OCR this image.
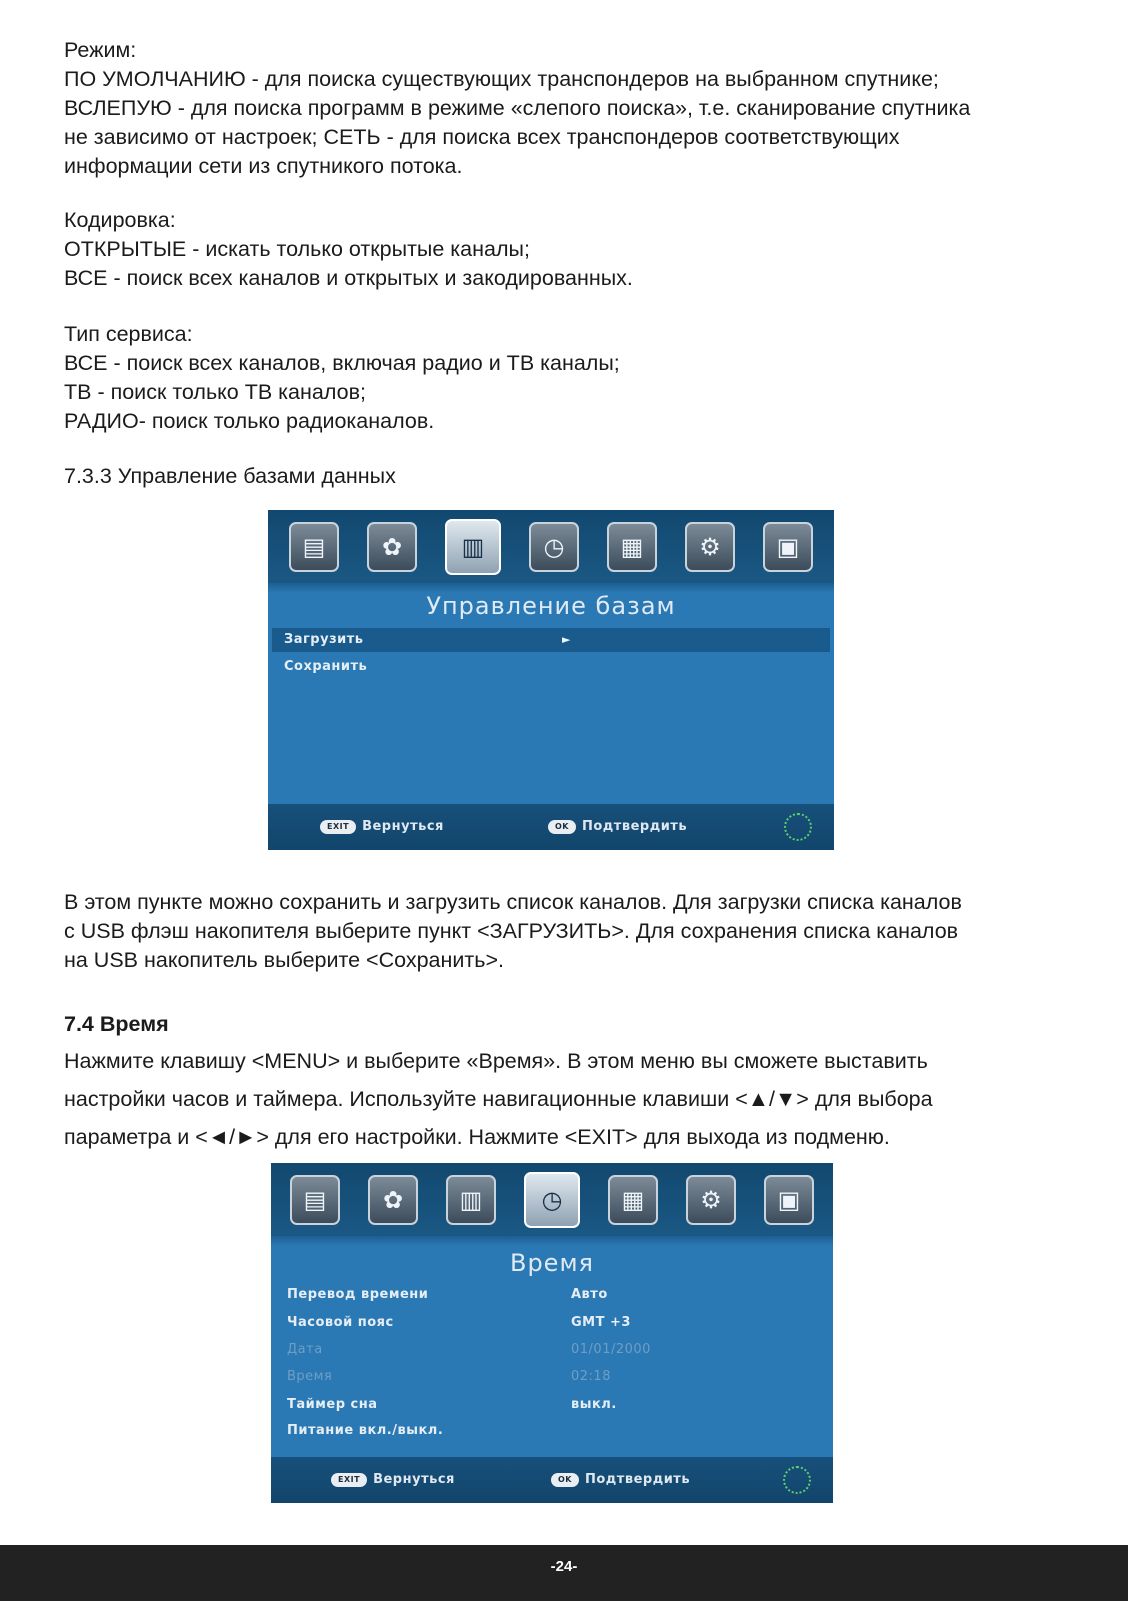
Режим:
ПО УМОЛЧАНИЮ - для поиска существующих транспондеров на выбранном спутнике;
ВСЛЕПУЮ - для поиска программ в режиме «слепого поиска», т.е. сканирование спутника
не зависимо от настроек; СЕТЬ - для поиска всех транспондеров соответствующих
информации сети из спутникого потока.
Кодировка:
ОТКРЫТЫЕ - искать только открытые каналы;
ВСЕ - поиск всех каналов и открытых и закодированных.
Тип сервиса:
ВСЕ - поиск всех каналов, включая радио и ТВ каналы;
ТВ - поиск только ТВ каналов;
РАДИО- поиск только радиоканалов.
7.3.3 Управление базами данных
▤	✿	▥	◷	▦	⚙	▣
Управление базам
Загрузить	►
Сохранить
EXIT	Вернуться	OK	Подтвердить
В этом пункте можно сохранить и загрузить список каналов. Для загрузки списка каналов
с USB флэш накопителя выберите пункт <ЗАГРУЗИТЬ>. Для сохранения списка каналов
на USB накопитель выберите <Сохранить>.
7.4 Время
Нажмите клавишу <MENU> и выберите «Время». В этом меню вы сможете выставить
настройки часов и таймера. Используйте навигационные клавиши <▲/▼> для выбора
параметра и <◄/►> для его настройки. Нажмите <EXIT> для выхода из подменю.
▤	✿	▥	◷	▦	⚙	▣
Время
Перевод времени	Авто
Часовой пояс	GMT +3
Дата	01/01/2000
Время	02:18
Таймер сна	выкл.
Питание вкл./выкл.
EXIT	Вернуться	OK	Подтвердить
-24-
